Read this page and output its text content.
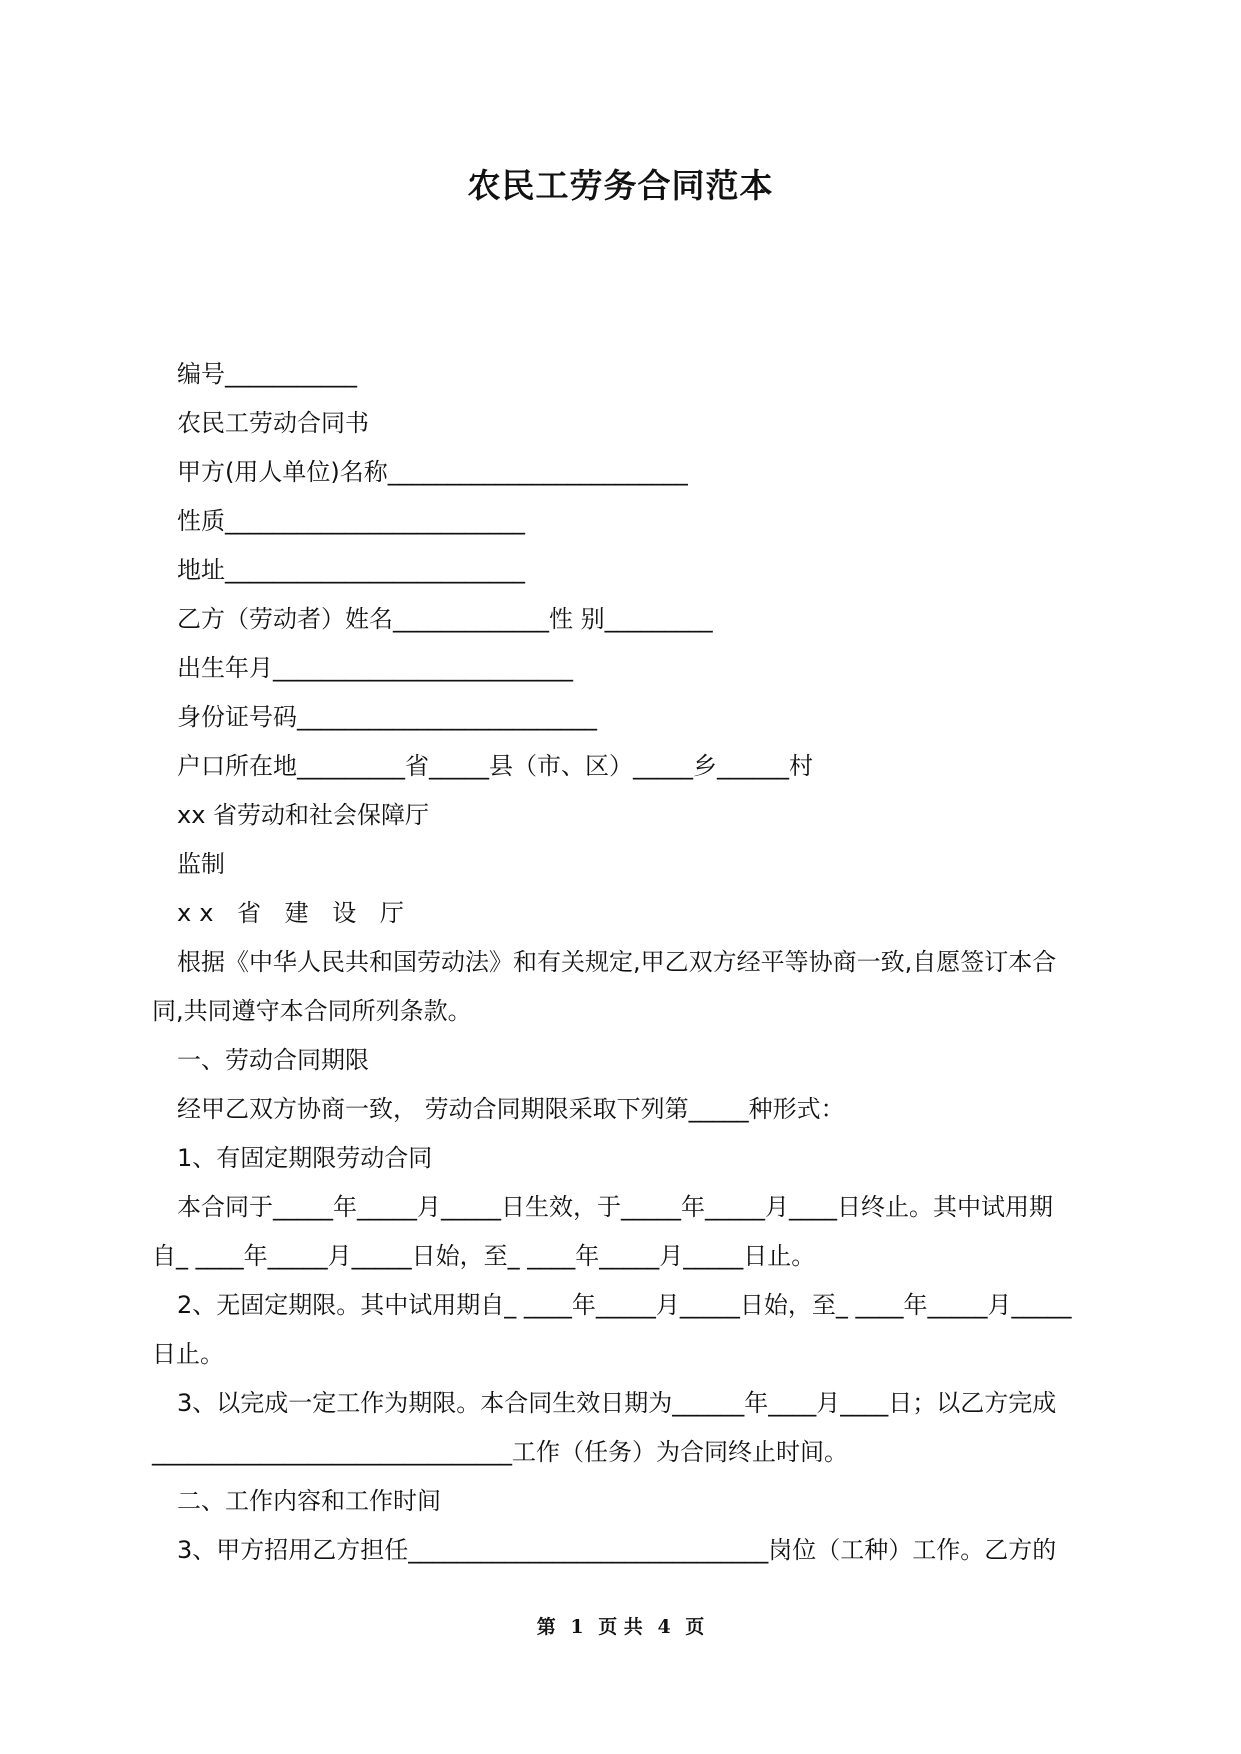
农民工劳务合同范本
编号___________
农民工劳动合同书
甲方(用人单位)名称_________________________
性质_________________________
地址_________________________
乙方（劳动者）姓名_____________性 别_________
出生年月_________________________
身份证号码_________________________
户口所在地_________省_____县（市、区）_____乡______村
xx 省劳动和社会保障厅
监制
xx 省 建 设 厅
根据《中华人民共和国劳动法》和有关规定,甲乙双方经平等协商一致,自愿签订本合
同,共同遵守本合同所列条款。
一、劳动合同期限
经甲乙双方协商一致， 劳动合同期限采取下列第_____种形式：
1、有固定期限劳动合同
本合同于_____年_____月_____日生效，于_____年_____月____日终止。其中试用期
自_ ____年_____月_____日始，至_ ____年_____月_____日止。
2、无固定期限。其中试用期自_ ____年_____月_____日始，至_ ____年_____月_____
日止。
3、以完成一定工作为期限。本合同生效日期为______年____月____日；以乙方完成
______________________________工作（任务）为合同终止时间。
二、工作内容和工作时间
3、甲方招用乙方担任______________________________岗位（工种）工作。乙方的
第 1 页 共 4 页
